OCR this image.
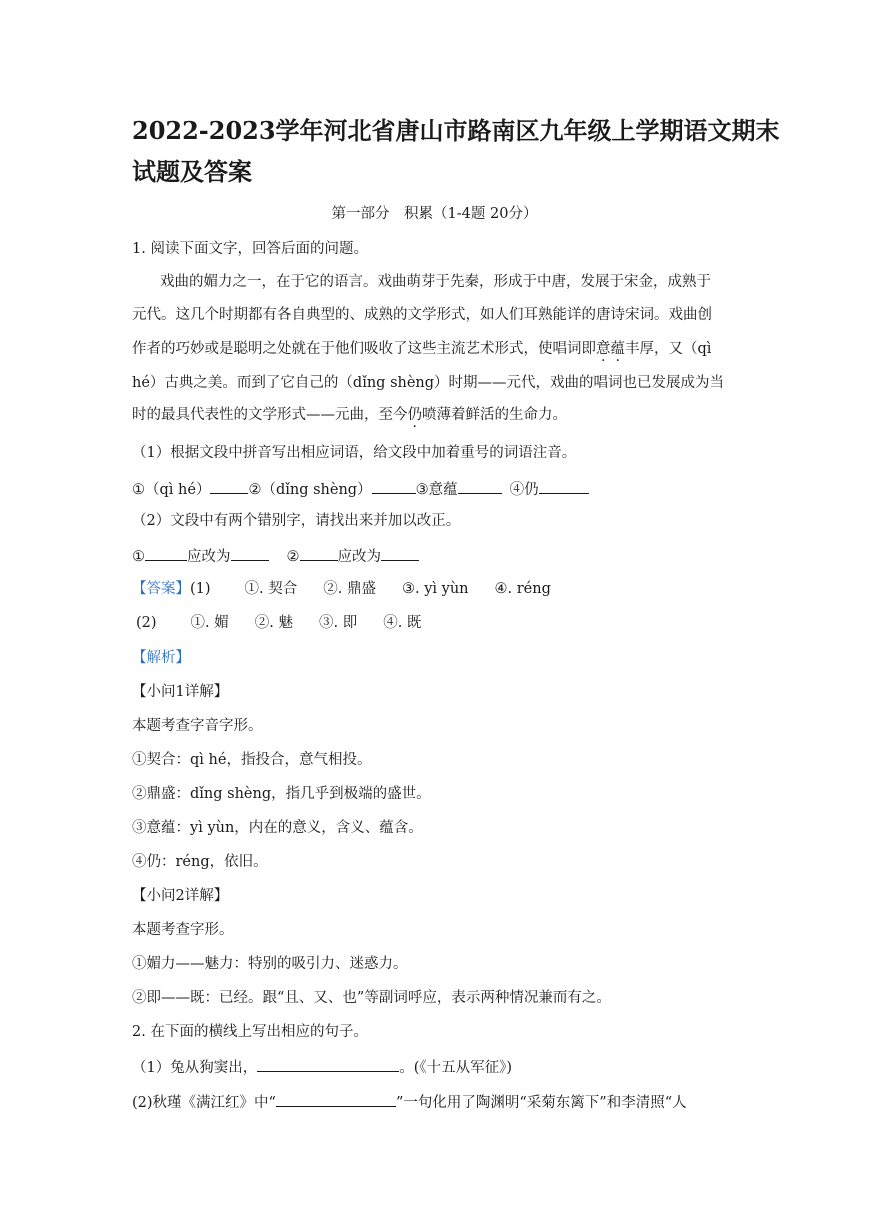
2022-2023学年河北省唐山市路南区九年级上学期语文期末
试题及答案
第一部分　积累（1-4题 20分）
1. 阅读下面文字，回答后面的问题。
戏曲的媚力之一，在于它的语言。戏曲萌芽于先秦，形成于中唐，发展于宋金，成熟于
元代。这几个时期都有各自典型的、成熟的文学形式，如人们耳熟能详的唐诗宋词。戏曲创
作者的巧妙或是聪明之处就在于他们吸收了这些主流艺术形式，使唱词即意蕴丰厚，又（qì
hé）古典之美。而到了它自己的（dǐng shèng）时期——元代，戏曲的唱词也已发展成为当
时的最具代表性的文学形式——元曲，至今仍喷薄着鲜活的生命力。
（1）根据文段中拼音写出相应词语，给文段中加着重号的词语注音。
①（qì hé）	②（dǐng shèng）	③意蕴	④仍
（2）文段中有两个错别字，请找出来并加以改正。
①	应改为	②	应改为
【答案】(1) ①. 契合 ②. 鼎盛 ③. yì yùn ④. réng
(2) ①. 媚 ②. 魅 ③. 即 ④. 既
【解析】
【小问1详解】
本题考查字音字形。
①契合：qì hé，指投合，意气相投。
②鼎盛：dǐng shèng，指几乎到极端的盛世。
③意蕴：yì yùn，内在的意义，含义、蕴含。
④仍：réng，依旧。
【小问2详解】
本题考查字形。
①媚力——魅力：特别的吸引力、迷惑力。
②即——既：已经。跟“且、又、也”等副词呼应，表示两种情况兼而有之。
2. 在下面的横线上写出相应的句子。
（1）兔从狗窦出，	。(《十五从军征》)
(2)秋瑾《满江红》中“	”一句化用了陶渊明“采菊东篱下”和李清照“人
